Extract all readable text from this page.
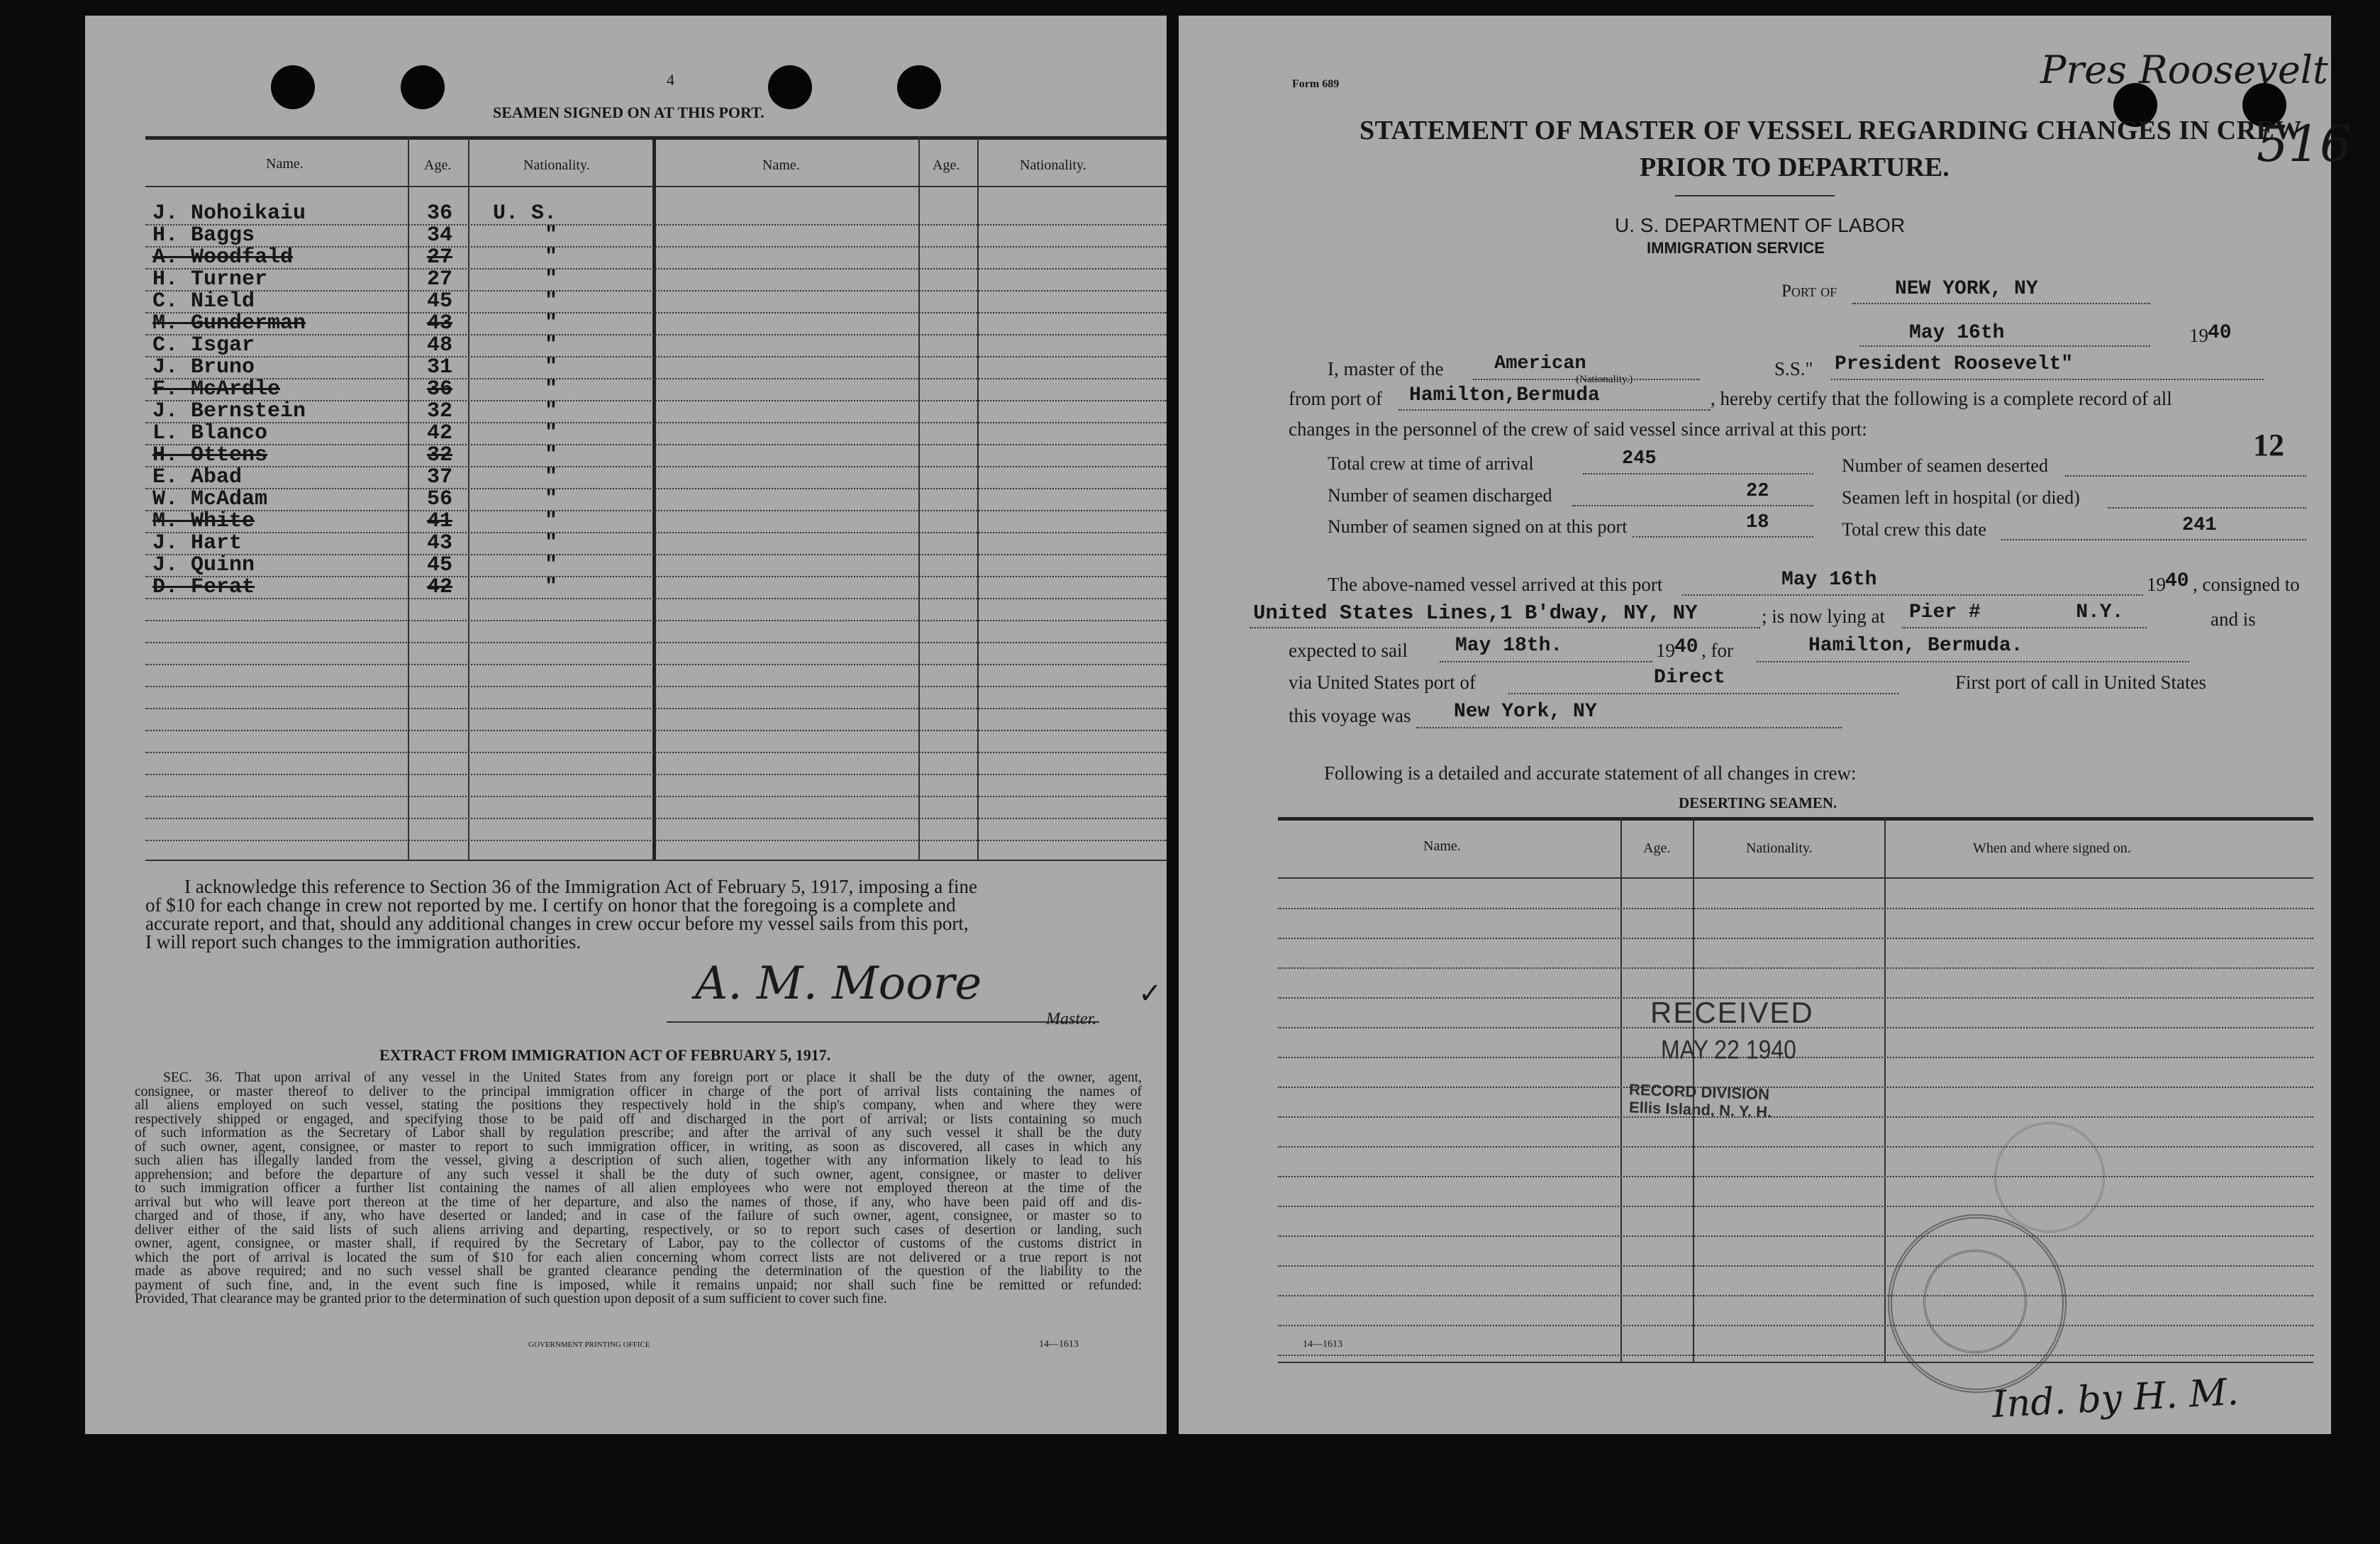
4
SEAMEN SIGNED ON AT THIS PORT.
Name.	Age.	Nationality.	Name.	Age.	Nationality.
J. Nohoikaiu	36 U. S.
H. Baggs	34	"
A. Woodfald	27	"
H. Turner	27	"
C. Nield	45	"
M. Gunderman	43	"
C. Isgar	48	"
J. Bruno	31	"
F. McArdle	36	"
J. Bernstein	32	"
L. Blanco	42	"
H. Ottens	32	"
E. Abad	37	"
W. McAdam	56	"
M. White	41	"
J. Hart	43	"
J. Quinn	45	"
D. Ferat	42	"
I acknowledge this reference to Section 36 of the Immigration Act of February 5, 1917, imposing a fine
of $10 for each change in crew not reported by me. I certify on honor that the foregoing is a complete and
accurate report, and that, should any additional changes in crew occur before my vessel sails from this port,
I will report such changes to the immigration authorities.
A. M. Moore
Master.
✓
EXTRACT FROM IMMIGRATION ACT OF FEBRUARY 5, 1917.
SEC. 36. That upon arrival of any vessel in the United States from any foreign port or place it shall be the duty of the owner, agent,
consignee, or master thereof to deliver to the principal immigration officer in charge of the port of arrival lists containing the names of
all aliens employed on such vessel, stating the positions they respectively hold in the ship's company, when and where they were
respectively shipped or engaged, and specifying those to be paid off and discharged in the port of arrival; or lists containing so much
of such information as the Secretary of Labor shall by regulation prescribe; and after the arrival of any such vessel it shall be the duty
of such owner, agent, consignee, or master to report to such immigration officer, in writing, as soon as discovered, all cases in which any
such alien has illegally landed from the vessel, giving a description of such alien, together with any information likely to lead to his
apprehension; and before the departure of any such vessel it shall be the duty of such owner, agent, consignee, or master to deliver
to such immigration officer a further list containing the names of all alien employees who were not employed thereon at the time of the
arrival but who will leave port thereon at the time of her departure, and also the names of those, if any, who have been paid off and dis-
charged and of those, if any, who have deserted or landed; and in case of the failure of such owner, agent, consignee, or master so to
deliver either of the said lists of such aliens arriving and departing, respectively, or so to report such cases of desertion or landing, such
owner, agent, consignee, or master shall, if required by the Secretary of Labor, pay to the collector of customs of the customs district in
which the port of arrival is located the sum of $10 for each alien concerning whom correct lists are not delivered or a true report is not
made as above required; and no such vessel shall be granted clearance pending the determination of the question of the liability to the
payment of such fine, and, in the event such fine is imposed, while it remains unpaid; nor shall such fine be remitted or refunded:
Provided, That clearance may be granted prior to the determination of such question upon deposit of a sum sufficient to cover such fine.
GOVERNMENT PRINTING OFFICE	14—1613
Form 689	Pres Roosevelt
516
STATEMENT OF MASTER OF VESSEL REGARDING CHANGES IN CREW
PRIOR TO DEPARTURE.
U. S. DEPARTMENT OF LABOR
IMMIGRATION SERVICE
Port of	NEW YORK, NY
May 16th	19 40
I, master of the	American
(Nationality.)	S.S." President Roosevelt"
from port of Hamilton,Bermuda	, hereby certify that the following is a complete record of all
changes in the personnel of the crew of said vessel since arrival at this port:
Total crew at time of arrival	245	Number of seamen deserted
12
Number of seamen discharged	22	Seamen left in hospital (or died)
Number of seamen signed on at this port	18	Total crew this date	241
The above-named vessel arrived at this port	May 16th	19 40 , consigned to
United States Lines,1 B'dway, NY, NY	; is now lying at Pier #        N.Y.	and is
expected to sail May 18th.	19 40 , for	Hamilton, Bermuda.
via United States port of	Direct	First port of call in United States
this voyage was New York, NY
Following is a detailed and accurate statement of all changes in crew:
DESERTING SEAMEN.
Name.	Age.	Nationality.	When and where signed on.
RECEIVED
MAY 22 1940
RECORD DIVISION
Ellis Island, N. Y. H.
14—1613
Ind. by H. M.
